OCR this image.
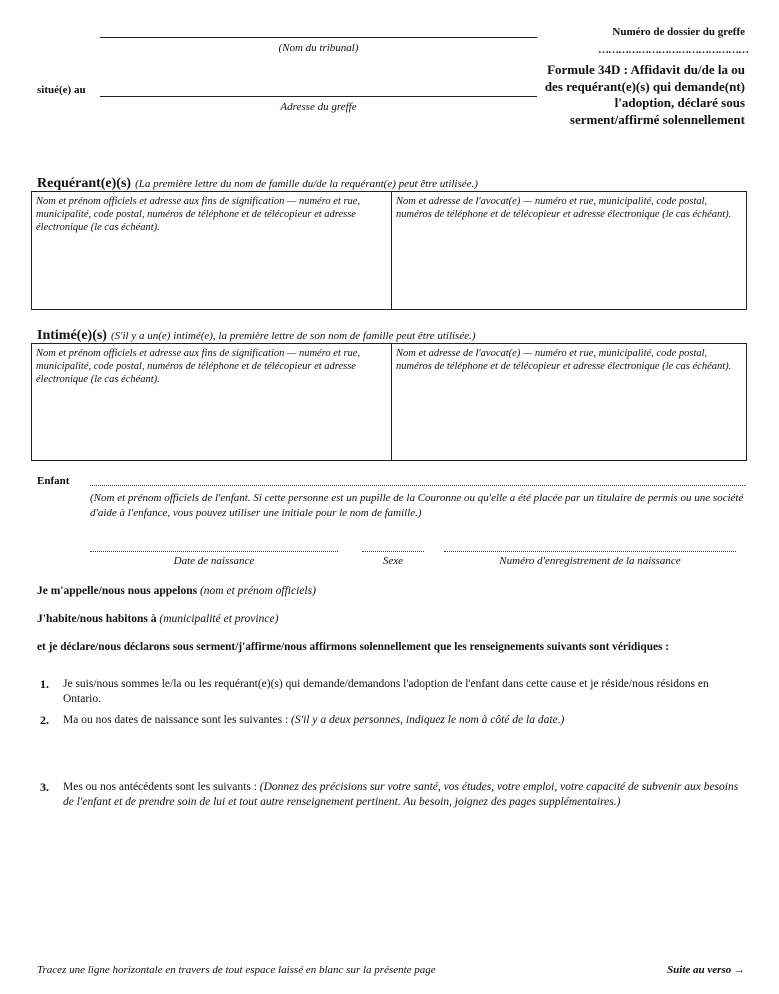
(Nom du tribunal)
situé(e) au
Adresse du greffe
Numéro de dossier du greffe
………………………………………
Formule 34D : Affidavit du/de la ou des requérant(e)(s) qui demande(nt) l'adoption, déclaré sous serment/affirmé solennellement
Requérant(e)(s) (La première lettre du nom de famille du/de la requérant(e) peut être utilisée.)
Nom et prénom officiels et adresse aux fins de signification — numéro et rue, municipalité, code postal, numéros de téléphone et de télécopieur et adresse électronique (le cas échéant).
Nom et adresse de l'avocat(e) — numéro et rue, municipalité, code postal, numéros de téléphone et de télécopieur et adresse électronique (le cas échéant).
Intimé(e)(s) (S'il y a un(e) intimé(e), la première lettre de son nom de famille peut être utilisée.)
Nom et prénom officiels et adresse aux fins de signification — numéro et rue, municipalité, code postal, numéros de téléphone et de télécopieur et adresse électronique (le cas échéant).
Nom et adresse de l'avocat(e) — numéro et rue, municipalité, code postal, numéros de téléphone et de télécopieur et adresse électronique (le cas échéant).
Enfant
(Nom et prénom officiels de l'enfant. Si cette personne est un pupille de la Couronne ou qu'elle a été placée par un titulaire de permis ou une société d'aide à l'enfance, vous pouvez utiliser une initiale pour le nom de famille.)
Date de naissance	Sexe	Numéro d'enregistrement de la naissance
Je m'appelle/nous nous appelons (nom et prénom officiels)
J'habite/nous habitons à (municipalité et province)
et je déclare/nous déclarons sous serment/j'affirme/nous affirmons solennellement que les renseignements suivants sont véridiques :
1. Je suis/nous sommes le/la ou les requérant(e)(s) qui demande/demandons l'adoption de l'enfant dans cette cause et je réside/nous résidons en Ontario.
2. Ma ou nos dates de naissance sont les suivantes : (S'il y a deux personnes, indiquez le nom à côté de la date.)
3. Mes ou nos antécédents sont les suivants : (Donnez des précisions sur votre santé, vos études, votre emploi, votre capacité de subvenir aux besoins de l'enfant et de prendre soin de lui et tout autre renseignement pertinent. Au besoin, joignez des pages supplémentaires.)
Tracez une ligne horizontale en travers de tout espace laissé en blanc sur la présente page	Suite au verso →
